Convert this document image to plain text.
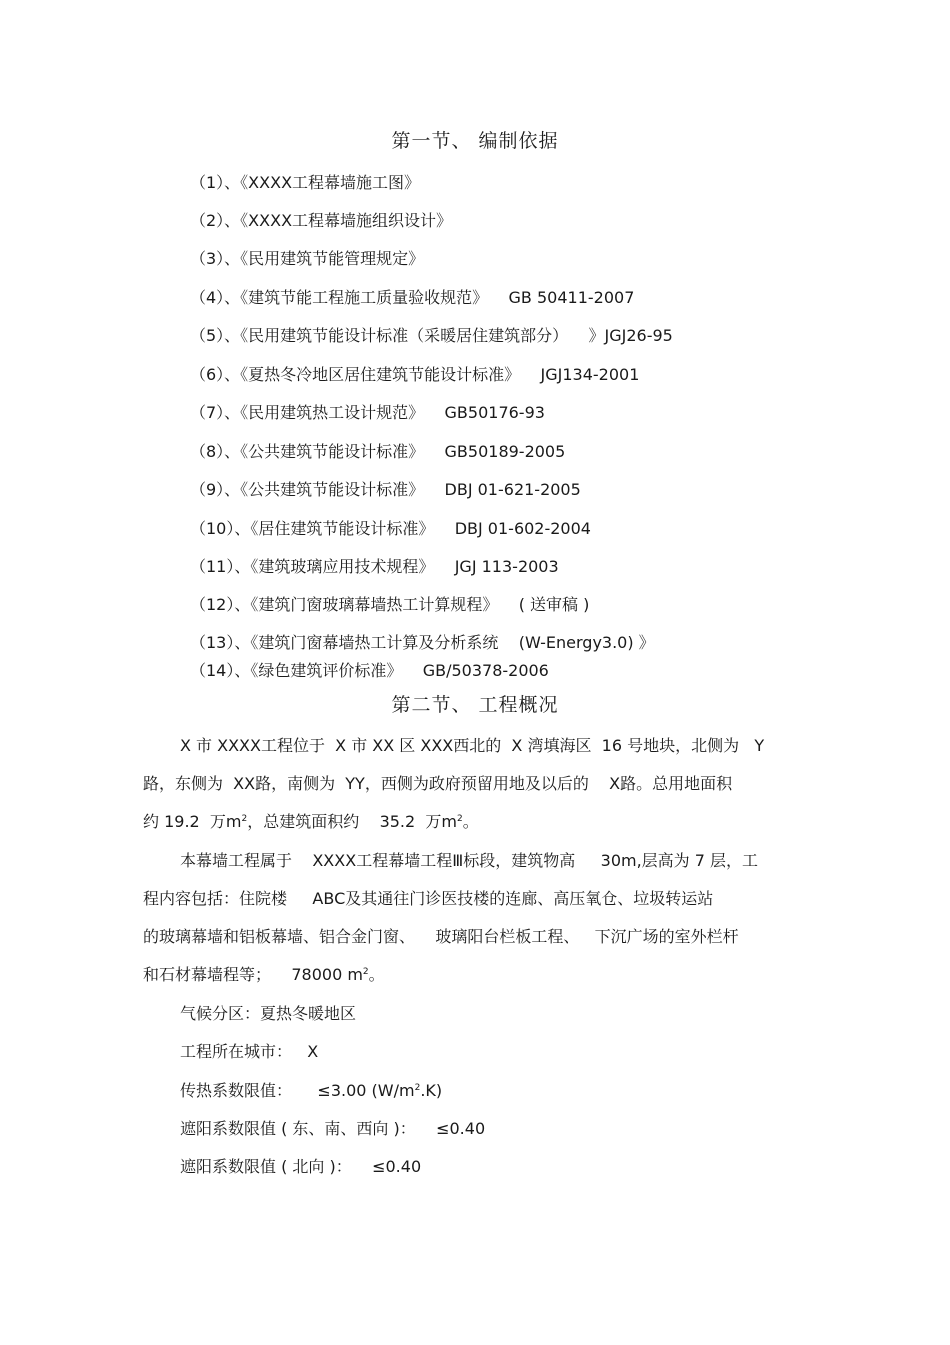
第一节、 编制依据
（1）、《XXXX工程幕墙施工图》
（2）、《XXXX工程幕墙施组织设计》
（3）、《民用建筑节能管理规定》
（4）、《建筑节能工程施工质量验收规范》    GB 50411-2007
（5）、《民用建筑节能设计标准（采暖居住建筑部分）    》JGJ26-95
（6）、《夏热冬冷地区居住建筑节能设计标准》    JGJ134-2001
（7）、《民用建筑热工设计规范》    GB50176-93
（8）、《公共建筑节能设计标准》    GB50189-2005
（9）、《公共建筑节能设计标准》    DBJ 01-621-2005
（10）、《居住建筑节能设计标准》    DBJ 01-602-2004
（11）、《建筑玻璃应用技术规程》    JGJ 113-2003
（12）、《建筑门窗玻璃幕墙热工计算规程》    ( 送审稿 )
（13）、《建筑门窗幕墙热工计算及分析系统    (W-Energy3.0) 》
（14）、《绿色建筑评价标准》    GB/50378-2006
第二节、 工程概况
X 市 XXXX工程位于  X 市 XX 区 XXX西北的  X 湾填海区  16 号地块，北侧为   Y
路，东侧为  XX路，南侧为  YY，西侧为政府预留用地及以后的    X路。总用地面积
约 19.2  万$m^2$，总建筑面积约    35.2  万$m^2$。
本幕墙工程属于    XXXX工程幕墙工程Ⅲ标段，建筑物高     30m,层高为 7 层，工
程内容包括：住院楼     ABC及其通往门诊医技楼的连廊、高压氧仓、垃圾转运站
的玻璃幕墙和铝板幕墙、铝合金门窗、    玻璃阳台栏板工程、   下沉广场的室外栏杆
和石材幕墙程等；    78000 $m^2$。
气候分区：夏热冬暖地区
工程所在城市：   X
传热系数限值：     ≤3.00 $(W/m^2.K)$
遮阳系数限值 ( 东、南、西向 )：    ≤0.40
遮阳系数限值 ( 北向 )：    ≤0.40
